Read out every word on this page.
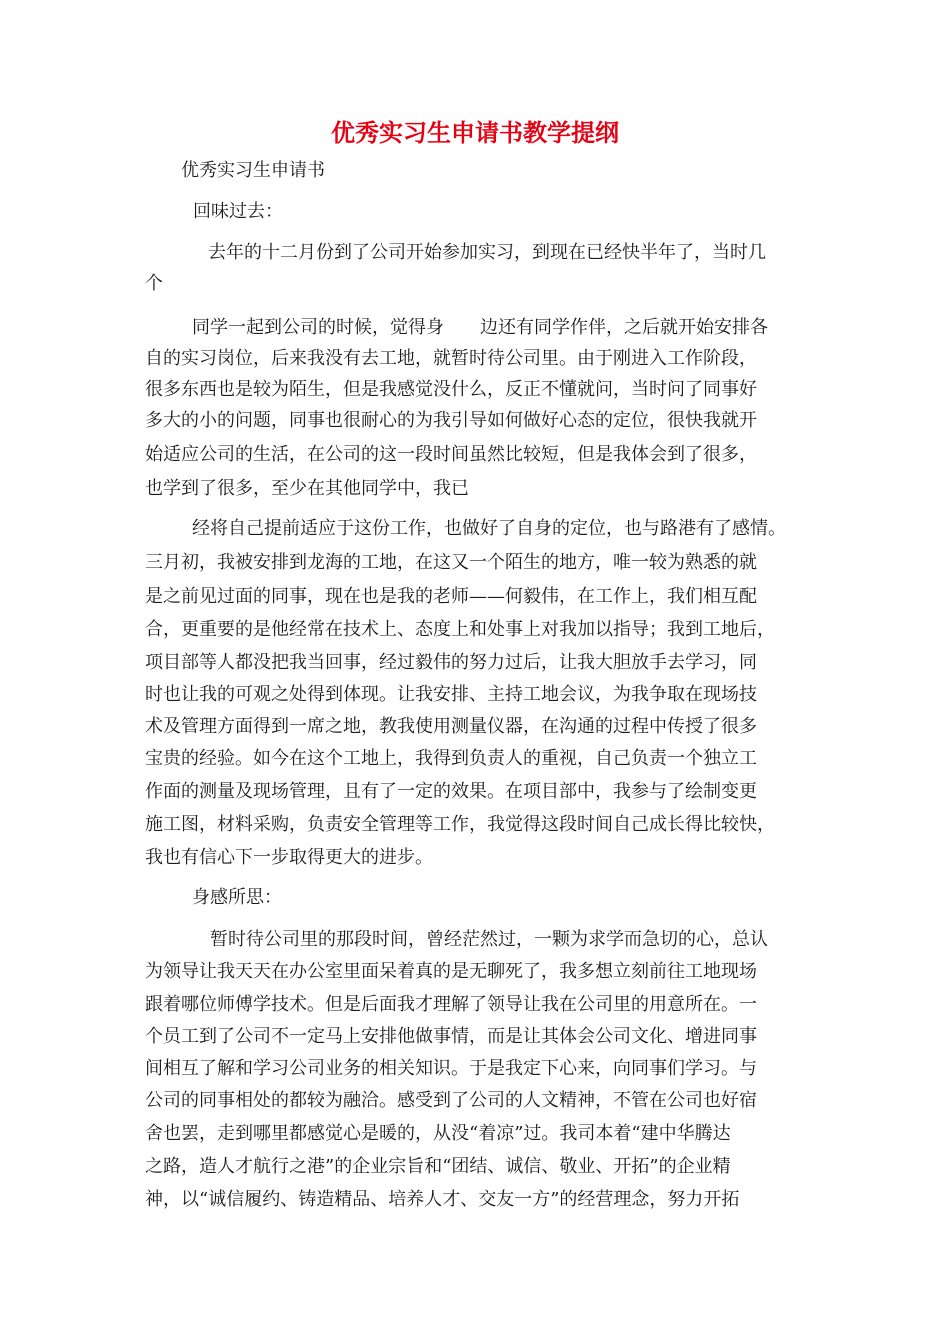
优秀实习生申请书教学提纲
优秀实习生申请书
回味过去：
去年的十二月份到了公司开始参加实习，到现在已经快半年了，当时几
个
同学一起到公司的时候，觉得身　　边还有同学作伴，之后就开始安排各
自的实习岗位，后来我没有去工地，就暂时待公司里。由于刚进入工作阶段，
很多东西也是较为陌生，但是我感觉没什么，反正不懂就问，当时问了同事好
多大的小的问题，同事也很耐心的为我引导如何做好心态的定位，很快我就开
始适应公司的生活，在公司的这一段时间虽然比较短，但是我体会到了很多，
也学到了很多，至少在其他同学中，我已
经将自己提前适应于这份工作，也做好了自身的定位，也与路港有了感情。
三月初，我被安排到龙海的工地，在这又一个陌生的地方，唯一较为熟悉的就
是之前见过面的同事，现在也是我的老师——何毅伟，在工作上，我们相互配
合，更重要的是他经常在技术上、态度上和处事上对我加以指导；我到工地后，
项目部等人都没把我当回事，经过毅伟的努力过后，让我大胆放手去学习，同
时也让我的可观之处得到体现。让我安排、主持工地会议，为我争取在现场技
术及管理方面得到一席之地，教我使用测量仪器，在沟通的过程中传授了很多
宝贵的经验。如今在这个工地上，我得到负责人的重视，自己负责一个独立工
作面的测量及现场管理，且有了一定的效果。在项目部中，我参与了绘制变更
施工图，材料采购，负责安全管理等工作，我觉得这段时间自己成长得比较快，
我也有信心下一步取得更大的进步。
身感所思：
暂时待公司里的那段时间，曾经茫然过，一颗为求学而急切的心，总认
为领导让我天天在办公室里面呆着真的是无聊死了，我多想立刻前往工地现场
跟着哪位师傅学技术。但是后面我才理解了领导让我在公司里的用意所在。一
个员工到了公司不一定马上安排他做事情，而是让其体会公司文化、增进同事
间相互了解和学习公司业务的相关知识。于是我定下心来，向同事们学习。与
公司的同事相处的都较为融洽。感受到了公司的人文精神，不管在公司也好宿
舍也罢，走到哪里都感觉心是暖的，从没“着凉”过。我司本着“建中华腾达
之路，造人才航行之港”的企业宗旨和“团结、诚信、敬业、开拓”的企业精
神，以“诚信履约、铸造精品、培养人才、交友一方”的经营理念，努力开拓
